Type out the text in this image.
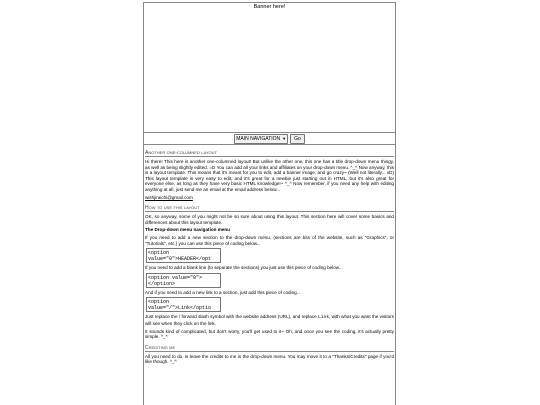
Banner here!
MAIN NAVIGATION ▼	Go
Another one-columned layout

Hi there! This here is another one-columned layout! But unlike the other one, this one has a title drop-down menu thingy, as well as being slightly edited. =D You can add all your links and affiliates on your drop-down menu. ^_^ Now anyway, this is a layout template. This means that it's meant for you to edit, add a banner image, and go crazy~ (Well not literally... xD) This layout template is very easy to edit, and it's great for a newbie just starting out in HTML, but it's also great for everyone else, as long as they have very basic HTML knowledge!~ ^_^ Now remember, if you need any help with editing anything at all, just send me an email at the email address below...

wishjiraichi@gmail.com

How to use this layout

OK, so anyway, some of you might not be so sure about using this layout. This section here will cover some basics and differences about this layout template.

The Drop-down menu navigation menu

If you need to add a new section to the drop-down menu, (sections are bits of the website, such as "Graphics", or "Tutorials", etc.) you can use this piece of coding below...

<option
value="0">HEADER</opt

If you need to add a blank line (to separate the sections) you just use this piece of coding below...

<option value="0">
</option>

And if you need to add a new link to a section, just add this piece of coding...

<option
value="/">Link</optio

Just replace the / forward slash symbol with the website address (URL), and replace Link, with what you want the visitors will see when they click on the link.

It sounds kind of complicated, but don't worry, you'll get used to it~ Oh, and once you see the coding, it's actually pretty simple. ^_^

Crediting me

All you need to do, is leave the credits to me in the drop-down menu. You may move it to a "Thanks/Credits" page if you'd like though. ^_^
